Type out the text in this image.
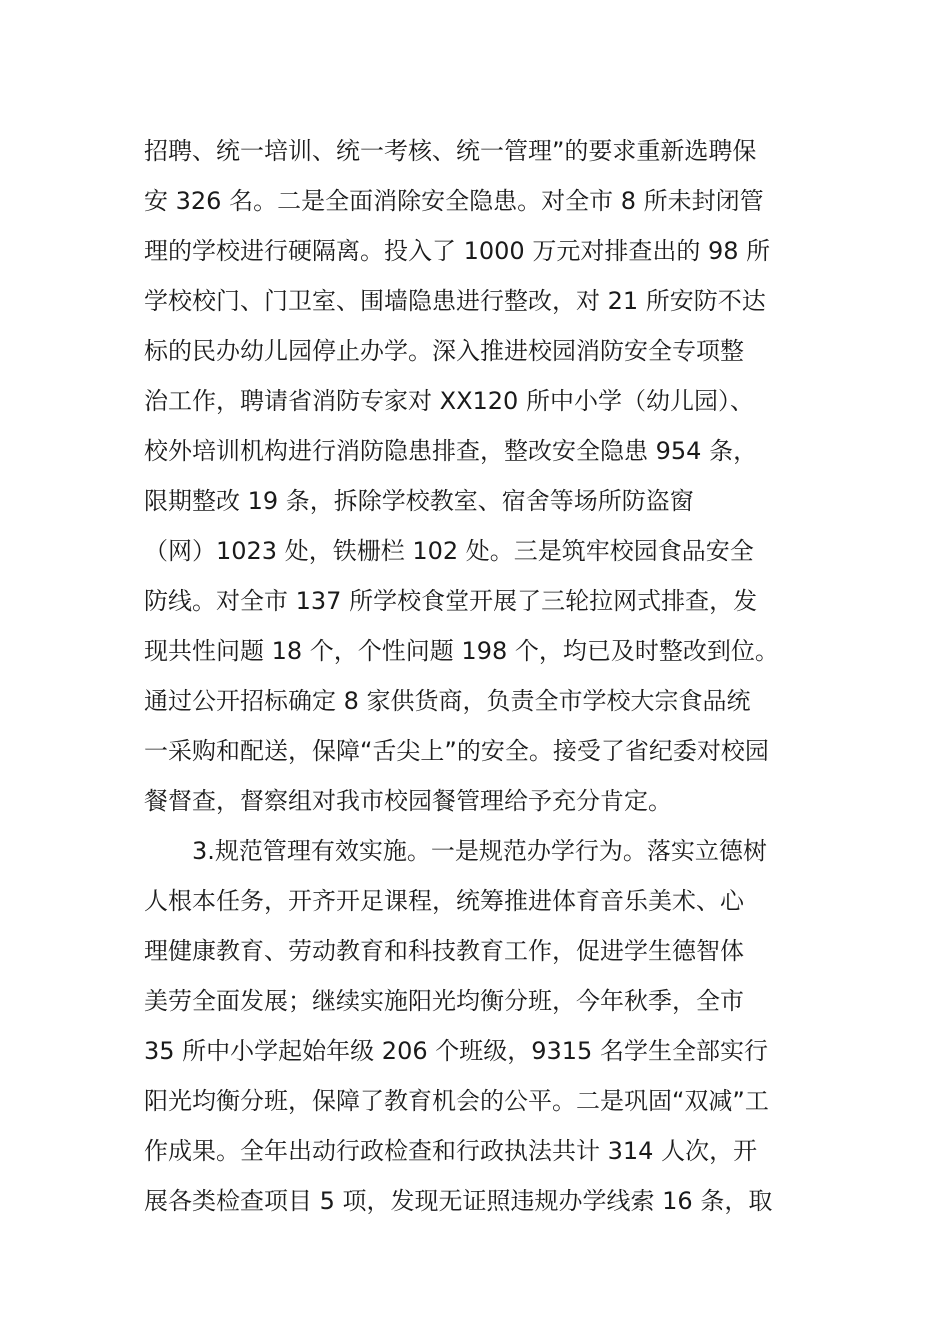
招聘、统一培训、统一考核、统一管理”的要求重新选聘保
安 326 名。二是全面消除安全隐患。对全市 8 所未封闭管
理的学校进行硬隔离。投入了 1000 万元对排查出的 98 所
学校校门、门卫室、围墙隐患进行整改，对 21 所安防不达
标的民办幼儿园停止办学。深入推进校园消防安全专项整
治工作，聘请省消防专家对 XX120 所中小学（幼儿园）、
校外培训机构进行消防隐患排查，整改安全隐患 954 条，
限期整改 19 条，拆除学校教室、宿舍等场所防盗窗
（网）1023 处，铁栅栏 102 处。三是筑牢校园食品安全
防线。对全市 137 所学校食堂开展了三轮拉网式排查，发
现共性问题 18 个，个性问题 198 个，均已及时整改到位。
通过公开招标确定 8 家供货商，负责全市学校大宗食品统
一采购和配送，保障“舌尖上”的安全。接受了省纪委对校园
餐督查，督察组对我市校园餐管理给予充分肯定。
3.规范管理有效实施。一是规范办学行为。落实立德树
人根本任务，开齐开足课程，统筹推进体育音乐美术、心
理健康教育、劳动教育和科技教育工作，促进学生德智体
美劳全面发展；继续实施阳光均衡分班，今年秋季，全市
35 所中小学起始年级 206 个班级，9315 名学生全部实行
阳光均衡分班，保障了教育机会的公平。二是巩固“双减”工
作成果。全年出动行政检查和行政执法共计 314 人次，开
展各类检查项目 5 项，发现无证照违规办学线索 16 条，取
